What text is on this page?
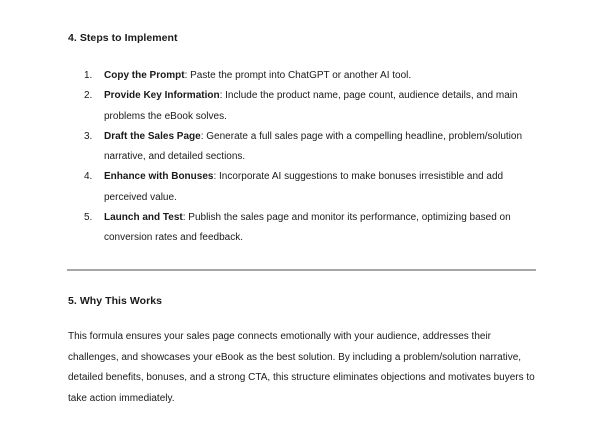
4. Steps to Implement
1. Copy the Prompt: Paste the prompt into ChatGPT or another AI tool.
2. Provide Key Information: Include the product name, page count, audience details, and main problems the eBook solves.
3. Draft the Sales Page: Generate a full sales page with a compelling headline, problem/solution narrative, and detailed sections.
4. Enhance with Bonuses: Incorporate AI suggestions to make bonuses irresistible and add perceived value.
5. Launch and Test: Publish the sales page and monitor its performance, optimizing based on conversion rates and feedback.
5. Why This Works

This formula ensures your sales page connects emotionally with your audience, addresses their challenges, and showcases your eBook as the best solution. By including a problem/solution narrative, detailed benefits, bonuses, and a strong CTA, this structure eliminates objections and motivates buyers to take action immediately.
